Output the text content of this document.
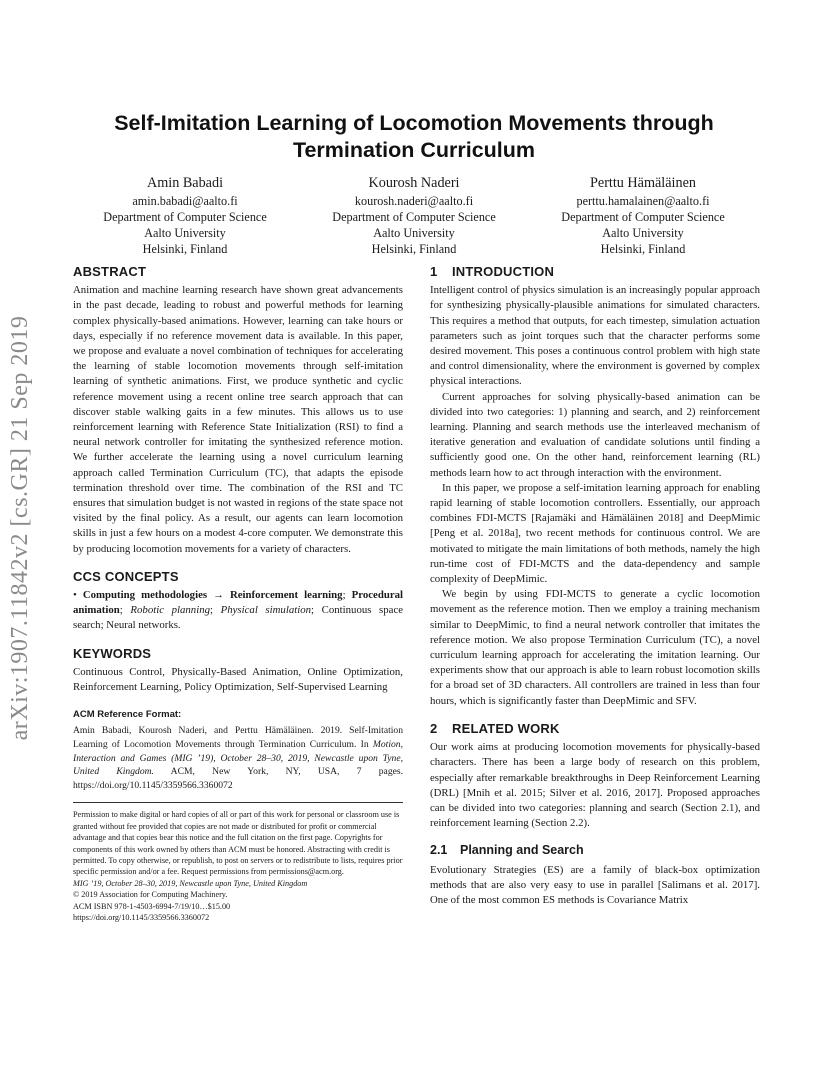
arXiv:1907.11842v2 [cs.GR] 21 Sep 2019
Self-Imitation Learning of Locomotion Movements through
Termination Curriculum
Amin Babadi
amin.babadi@aalto.fi
Department of Computer Science
Aalto University
Helsinki, Finland
Kourosh Naderi
kourosh.naderi@aalto.fi
Department of Computer Science
Aalto University
Helsinki, Finland
Perttu Hämäläinen
perttu.hamalainen@aalto.fi
Department of Computer Science
Aalto University
Helsinki, Finland
ABSTRACT

Animation and machine learning research have shown great advancements in the past decade, leading to robust and powerful methods for learning complex physically-based animations. However, learning can take hours or days, especially if no reference movement data is available. In this paper, we propose and evaluate a novel combination of techniques for accelerating the learning of stable locomotion movements through self-imitation learning of synthetic animations. First, we produce synthetic and cyclic reference movement using a recent online tree search approach that can discover stable walking gaits in a few minutes. This allows us to use reinforcement learning with Reference State Initialization (RSI) to find a neural network controller for imitating the synthesized reference motion. We further accelerate the learning using a novel curriculum learning approach called Termination Curriculum (TC), that adapts the episode termination threshold over time. The combination of the RSI and TC ensures that simulation budget is not wasted in regions of the state space not visited by the final policy. As a result, our agents can learn locomotion skills in just a few hours on a modest 4-core computer. We demonstrate this by producing locomotion movements for a variety of characters.

CCS CONCEPTS

• Computing methodologies → Reinforcement learning; Procedural animation; Robotic planning; Physical simulation; Continuous space search; Neural networks.

KEYWORDS

Continuous Control, Physically-Based Animation, Online Optimization, Reinforcement Learning, Policy Optimization, Self-Supervised Learning

ACM Reference Format:

Amin Babadi, Kourosh Naderi, and Perttu Hämäläinen. 2019. Self-Imitation Learning of Locomotion Movements through Termination Curriculum. In Motion, Interaction and Games (MIG ’19), October 28–30, 2019, Newcastle upon Tyne, United Kingdom. ACM, New York, NY, USA, 7 pages. https://doi.org/10.1145/3359566.3360072

Permission to make digital or hard copies of all or part of this work for personal or classroom use is granted without fee provided that copies are not made or distributed for profit or commercial advantage and that copies bear this notice and the full citation on the first page. Copyrights for components of this work owned by others than ACM must be honored. Abstracting with credit is permitted. To copy otherwise, or republish, to post on servers or to redistribute to lists, requires prior specific permission and/or a fee. Request permissions from permissions@acm.org.

MIG ’19, October 28–30, 2019, Newcastle upon Tyne, United Kingdom

© 2019 Association for Computing Machinery.

ACM ISBN 978-1-4503-6994-7/19/10…$15.00

https://doi.org/10.1145/3359566.3360072

1 INTRODUCTION

Intelligent control of physics simulation is an increasingly popular approach for synthesizing physically-plausible animations for simulated characters. This requires a method that outputs, for each timestep, simulation actuation parameters such as joint torques such that the character performs some desired movement. This poses a continuous control problem with high state and control dimensionality, where the environment is governed by complex physical interactions.

Current approaches for solving physically-based animation can be divided into two categories: 1) planning and search, and 2) reinforcement learning. Planning and search methods use the interleaved mechanism of iterative generation and evaluation of candidate solutions until finding a sufficiently good one. On the other hand, reinforcement learning (RL) methods learn how to act through interaction with the environment.

In this paper, we propose a self-imitation learning approach for enabling rapid learning of stable locomotion controllers. Essentially, our approach combines FDI-MCTS [Rajamäki and Hämäläinen 2018] and DeepMimic [Peng et al. 2018a], two recent methods for continuous control. We are motivated to mitigate the main limitations of both methods, namely the high run-time cost of FDI-MCTS and the data-dependency and sample complexity of DeepMimic.

We begin by using FDI-MCTS to generate a cyclic locomotion movement as the reference motion. Then we employ a training mechanism similar to DeepMimic, to find a neural network controller that imitates the reference motion. We also propose Termination Curriculum (TC), a novel curriculum learning approach for accelerating the imitation learning. Our experiments show that our approach is able to learn robust locomotion skills for a broad set of 3D characters. All controllers are trained in less than four hours, which is significantly faster than DeepMimic and SFV.

2 RELATED WORK

Our work aims at producing locomotion movements for physically-based characters. There has been a large body of research on this problem, especially after remarkable breakthroughs in Deep Reinforcement Learning (DRL) [Mnih et al. 2015; Silver et al. 2016, 2017]. Proposed approaches can be divided into two categories: planning and search (Section 2.1), and reinforcement learning (Section 2.2).

2.1 Planning and Search

Evolutionary Strategies (ES) are a family of black-box optimization methods that are also very easy to use in parallel [Salimans et al. 2017]. One of the most common ES methods is Covariance Matrix
